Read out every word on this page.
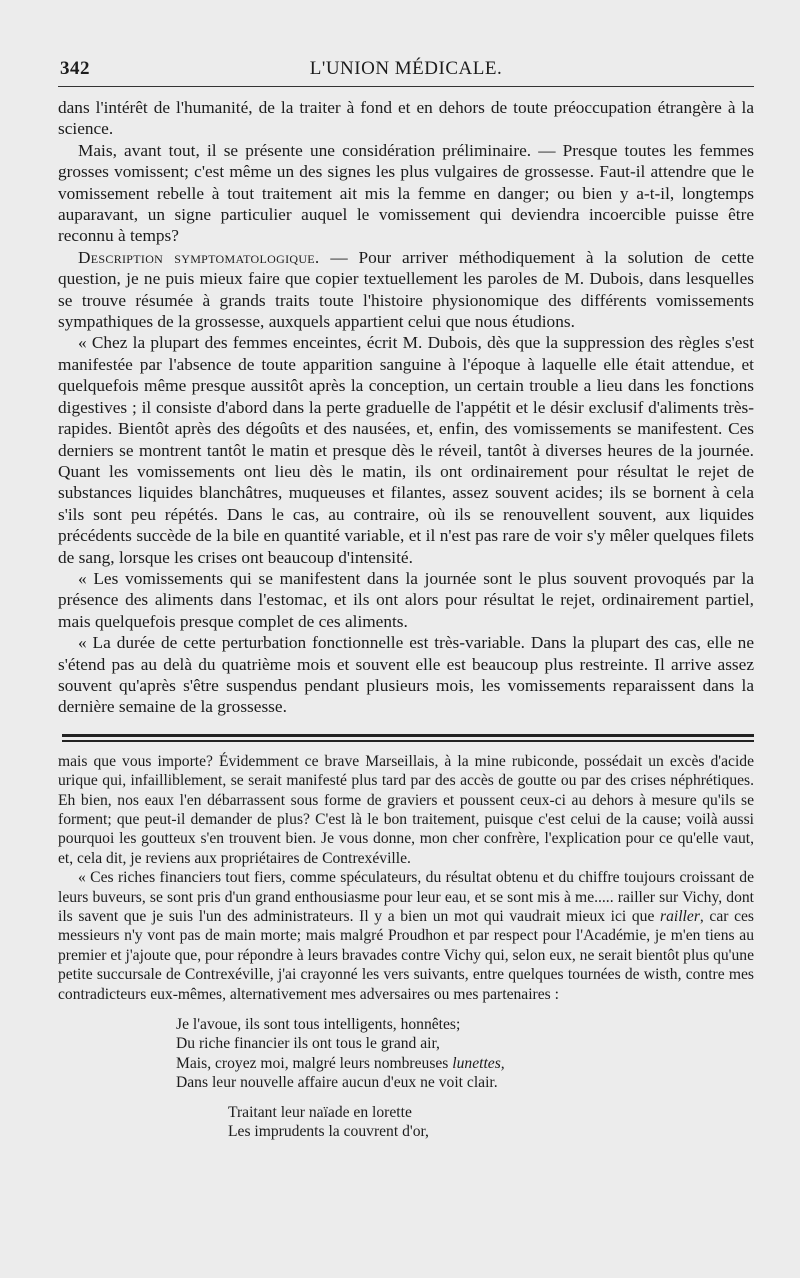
342	L'UNION MÉDICALE.

dans l'intérêt de l'humanité, de la traiter à fond et en dehors de toute préoccupation étrangère à la science.

Mais, avant tout, il se présente une considération préliminaire. — Presque toutes les femmes grosses vomissent; c'est même un des signes les plus vulgaires de grossesse. Faut-il attendre que le vomissement rebelle à tout traitement ait mis la femme en danger; ou bien y a-t-il, longtemps auparavant, un signe particulier auquel le vomissement qui deviendra incoercible puisse être reconnu à temps?

Description symptomatologique. — Pour arriver méthodiquement à la solution de cette question, je ne puis mieux faire que copier textuellement les paroles de M. Dubois, dans lesquelles se trouve résumée à grands traits toute l'histoire physionomique des différents vomissements sympathiques de la grossesse, auxquels appartient celui que nous étudions.

« Chez la plupart des femmes enceintes, écrit M. Dubois, dès que la suppression des règles s'est manifestée par l'absence de toute apparition sanguine à l'époque à laquelle elle était attendue, et quelquefois même presque aussitôt après la conception, un certain trouble a lieu dans les fonctions digestives ; il consiste d'abord dans la perte graduelle de l'appétit et le désir exclusif d'aliments très-rapides. Bientôt après des dégoûts et des nausées, et, enfin, des vomissements se manifestent. Ces derniers se montrent tantôt le matin et presque dès le réveil, tantôt à diverses heures de la journée. Quant les vomissements ont lieu dès le matin, ils ont ordinairement pour résultat le rejet de substances liquides blanchâtres, muqueuses et filantes, assez souvent acides; ils se bornent à cela s'ils sont peu répétés. Dans le cas, au contraire, où ils se renouvellent souvent, aux liquides précédents succède de la bile en quantité variable, et il n'est pas rare de voir s'y mêler quelques filets de sang, lorsque les crises ont beaucoup d'intensité.

« Les vomissements qui se manifestent dans la journée sont le plus souvent provoqués par la présence des aliments dans l'estomac, et ils ont alors pour résultat le rejet, ordinairement partiel, mais quelquefois presque complet de ces aliments.

« La durée de cette perturbation fonctionnelle est très-variable. Dans la plupart des cas, elle ne s'étend pas au delà du quatrième mois et souvent elle est beaucoup plus restreinte. Il arrive assez souvent qu'après s'être suspendus pendant plusieurs mois, les vomissements reparaissent dans la dernière semaine de la grossesse.

mais que vous importe? Évidemment ce brave Marseillais, à la mine rubiconde, possédait un excès d'acide urique qui, infailliblement, se serait manifesté plus tard par des accès de goutte ou par des crises néphrétiques. Eh bien, nos eaux l'en débarrassent sous forme de graviers et poussent ceux-ci au dehors à mesure qu'ils se forment; que peut-il demander de plus? C'est là le bon traitement, puisque c'est celui de la cause; voilà aussi pourquoi les goutteux s'en trouvent bien. Je vous donne, mon cher confrère, l'explication pour ce qu'elle vaut, et, cela dit, je reviens aux propriétaires de Contrexéville.

« Ces riches financiers tout fiers, comme spéculateurs, du résultat obtenu et du chiffre toujours croissant de leurs buveurs, se sont pris d'un grand enthousiasme pour leur eau, et se sont mis à me..... railler sur Vichy, dont ils savent que je suis l'un des administrateurs. Il y a bien un mot qui vaudrait mieux ici que railler, car ces messieurs n'y vont pas de main morte; mais malgré Proudhon et par respect pour l'Académie, je m'en tiens au premier et j'ajoute que, pour répondre à leurs bravades contre Vichy qui, selon eux, ne serait bientôt plus qu'une petite succursale de Contrexéville, j'ai crayonné les vers suivants, entre quelques tournées de wisth, contre mes contradicteurs eux-mêmes, alternativement mes adversaires ou mes partenaires :

Je l'avoue, ils sont tous intelligents, honnêtes;
Du riche financier ils ont tous le grand air,
Mais, croyez moi, malgré leurs nombreuses lunettes,
Dans leur nouvelle affaire aucun d'eux ne voit clair.
Traitant leur naïade en lorette
Les imprudents la couvrent d'or,
